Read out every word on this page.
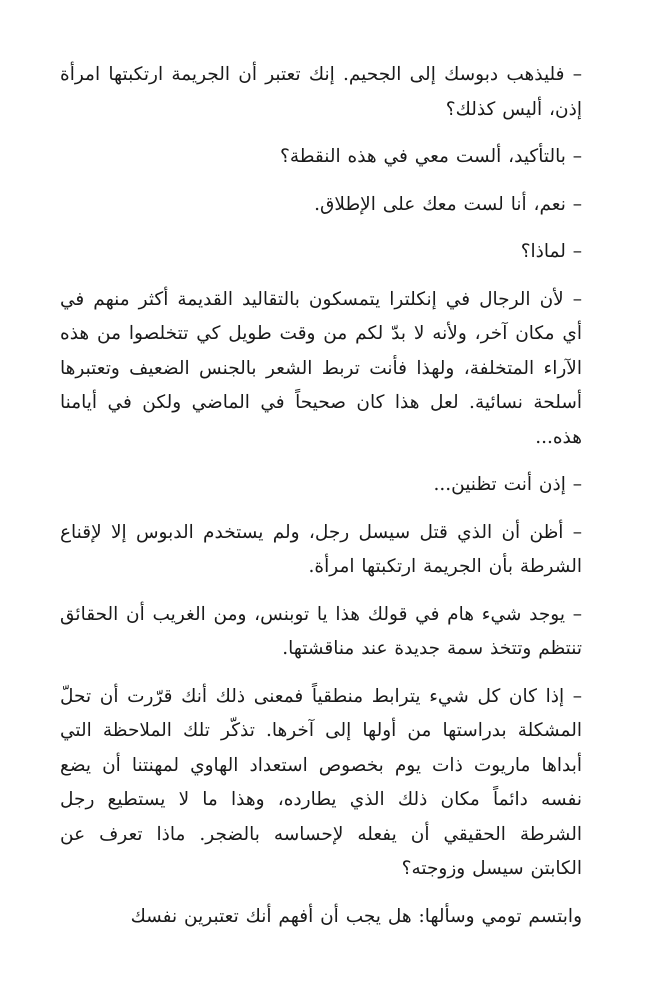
– فليذهب دبوسك إلى الجحيم. إنك تعتبر أن الجريمة ارتكبتها امرأة إذن، أليس كذلك؟

– بالتأكيد، ألست معي في هذه النقطة؟

– نعم، أنا لست معك على الإطلاق.

– لماذا؟

– لأن الرجال في إنكلترا يتمسكون بالتقاليد القديمة أكثر منهم في أي مكان آخر، ولأنه لا بدّ لكم من وقت طويل كي تتخلصوا من هذه الآراء المتخلفة، ولهذا فأنت تربط الشعر بالجنس الضعيف وتعتبرها أسلحة نسائية. لعل هذا كان صحيحاً في الماضي ولكن في أيامنا هذه...

– إذن أنت تظنين...

– أظن أن الذي قتل سيسل رجل، ولم يستخدم الدبوس إلا لإقناع الشرطة بأن الجريمة ارتكبتها امرأة.

– يوجد شيء هام في قولك هذا يا توبنس، ومن الغريب أن الحقائق تنتظم وتتخذ سمة جديدة عند مناقشتها.

– إذا كان كل شيء يترابط منطقياً فمعنى ذلك أنك قرّرت أن تحلّ المشكلة بدراستها من أولها إلى آخرها. تذكّر تلك الملاحظة التي أبداها ماريوت ذات يوم بخصوص استعداد الهاوي لمهنتنا أن يضع نفسه دائماً مكان ذلك الذي يطارده، وهذا ما لا يستطيع رجل الشرطة الحقيقي أن يفعله لإحساسه بالضجر. ماذا تعرف عن الكابتن سيسل وزوجته؟

وابتسم تومي وسألها: هل يجب أن أفهم أنك تعتبرين نفسك
